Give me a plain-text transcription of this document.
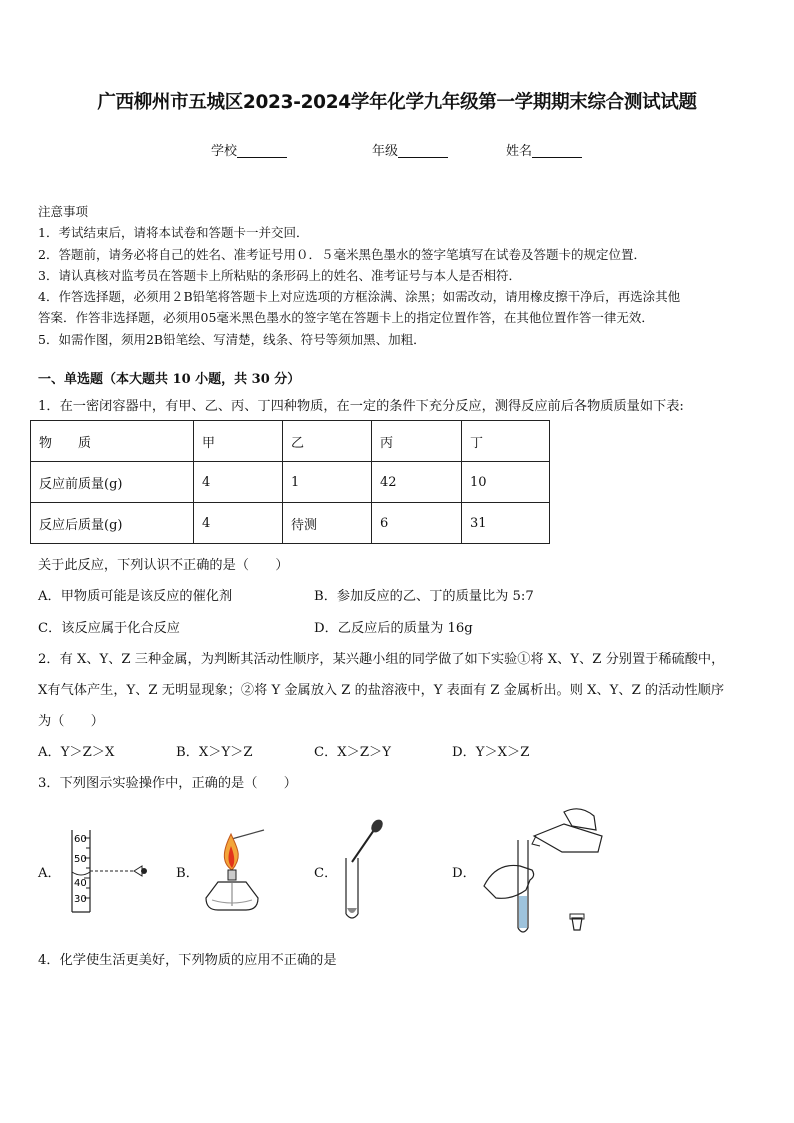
广西柳州市五城区2023-2024学年化学九年级第一学期期末综合测试试题
学校	年级	姓名
注意事项
1．考试结束后，请将本试卷和答题卡一并交回．
2．答题前，请务必将自己的姓名、准考证号用０．５毫米黑色墨水的签字笔填写在试卷及答题卡的规定位置．
3．请认真核对监考员在答题卡上所粘贴的条形码上的姓名、准考证号与本人是否相符．
4．作答选择题，必须用２B铅笔将答题卡上对应选项的方框涂满、涂黑；如需改动，请用橡皮擦干净后，再选涂其他
答案．作答非选择题，必须用05毫米黑色墨水的签字笔在答题卡上的指定位置作答，在其他位置作答一律无效．
5．如需作图，须用2B铅笔绘、写清楚，线条、符号等须加黑、加粗．
一、单选题（本大题共 10 小题，共 30 分）
1．在一密闭容器中，有甲、乙、丙、丁四种物质，在一定的条件下充分反应，测得反应前后各物质质量如下表:
物　　质	甲	乙	丙	丁
反应前质量(g)	4	1	42	10
反应后质量(g)	4	待测	6	31
关于此反应，下列认识不正确的是（　　）
A．甲物质可能是该反应的催化剂	B．参加反应的乙、丁的质量比为 5:7
C．该反应属于化合反应	D．乙反应后的质量为 16g
2．有 X、Y、Z 三种金属，为判断其活动性顺序，某兴趣小组的同学做了如下实验①将 X、Y、Z 分别置于稀硫酸中，
X有气体产生，Y、Z 无明显现象；②将 Y 金属放入 Z 的盐溶液中，Y 表面有 Z 金属析出。则 X、Y、Z 的活动性顺序
为（　　）
A．Y＞Z＞X	B．X＞Y＞Z	C．X＞Z＞Y	D．Y＞X＞Z
3．下列图示实验操作中，正确的是（　　）
A．	B．	C．	D．
60
50
40
30
4．化学使生活更美好，下列物质的应用不正确的是
